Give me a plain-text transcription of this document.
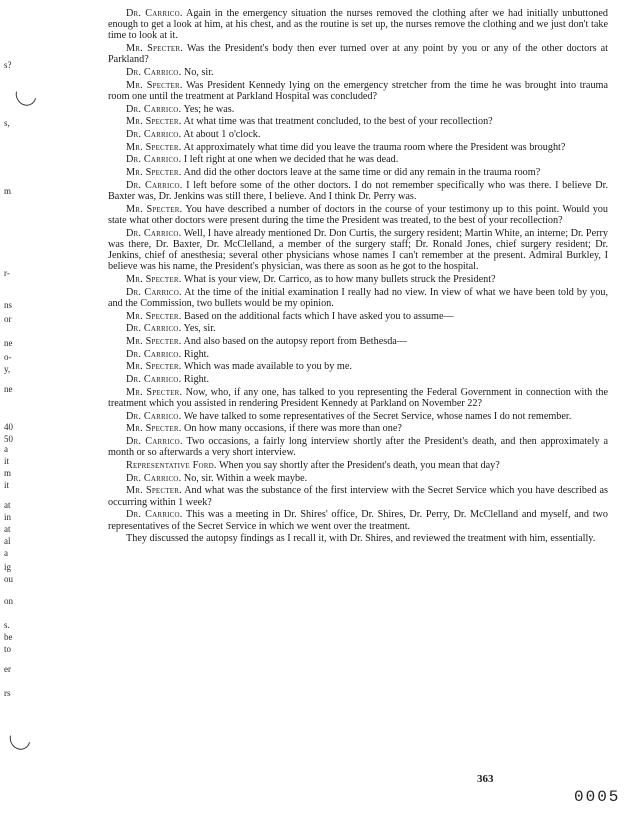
s?
s,
m
r-
ns
or
ne
o-
y,
ne
40
50
a
it
m
it
at
in
at
al
a
ig
ou
on
s.
be
to
er
rs

Dr. Carrico. Again in the emergency situation the nurses removed the clothing after we had initially unbuttoned enough to get a look at him, at his chest, and as the routine is set up, the nurses remove the clothing and we just don't take time to look at it.

Mr. Specter. Was the President's body then ever turned over at any point by you or any of the other doctors at Parkland?

Dr. Carrico. No, sir.

Mr. Specter. Was President Kennedy lying on the emergency stretcher from the time he was brought into trauma room one until the treatment at Parkland Hospital was concluded?

Dr. Carrico. Yes; he was.

Mr. Specter. At what time was that treatment concluded, to the best of your recollection?

Dr. Carrico. At about 1 o'clock.

Mr. Specter. At approximately what time did you leave the trauma room where the President was brought?

Dr. Carrico. I left right at one when we decided that he was dead.

Mr. Specter. And did the other doctors leave at the same time or did any remain in the trauma room?

Dr. Carrico. I left before some of the other doctors. I do not remember specifically who was there. I believe Dr. Baxter was, Dr. Jenkins was still there, I believe. And I think Dr. Perry was.

Mr. Specter. You have described a number of doctors in the course of your testimony up to this point. Would you state what other doctors were present during the time the President was treated, to the best of your recollection?

Dr. Carrico. Well, I have already mentioned Dr. Don Curtis, the surgery resident; Martin White, an interne; Dr. Perry was there, Dr. Baxter, Dr. McClelland, a member of the surgery staff; Dr. Ronald Jones, chief surgery resident; Dr. Jenkins, chief of anesthesia; several other physicians whose names I can't remember at the present. Admiral Burkley, I believe was his name, the President's physician, was there as soon as he got to the hospital.

Mr. Specter. What is your view, Dr. Carrico, as to how many bullets struck the President?

Dr. Carrico. At the time of the initial examination I really had no view. In view of what we have been told by you, and the Commission, two bullets would be my opinion.

Mr. Specter. Based on the additional facts which I have asked you to assume—

Dr. Carrico. Yes, sir.

Mr. Specter. And also based on the autopsy report from Bethesda—

Dr. Carrico. Right.

Mr. Specter. Which was made available to you by me.

Dr. Carrico. Right.

Mr. Specter. Now, who, if any one, has talked to you representing the Federal Government in connection with the treatment which you assisted in rendering President Kennedy at Parkland on November 22?

Dr. Carrico. We have talked to some representatives of the Secret Service, whose names I do not remember.

Mr. Specter. On how many occasions, if there was more than one?

Dr. Carrico. Two occasions, a fairly long interview shortly after the President's death, and then approximately a month or so afterwards a very short interview.

Representative Ford. When you say shortly after the President's death, you mean that day?

Dr. Carrico. No, sir. Within a week maybe.

Mr. Specter. And what was the substance of the first interview with the Secret Service which you have described as occurring within 1 week?

Dr. Carrico. This was a meeting in Dr. Shires' office, Dr. Shires, Dr. Perry, Dr. McClelland and myself, and two representatives of the Secret Service in which we went over the treatment.

They discussed the autopsy findings as I recall it, with Dr. Shires, and reviewed the treatment with him, essentially.

363
0005
